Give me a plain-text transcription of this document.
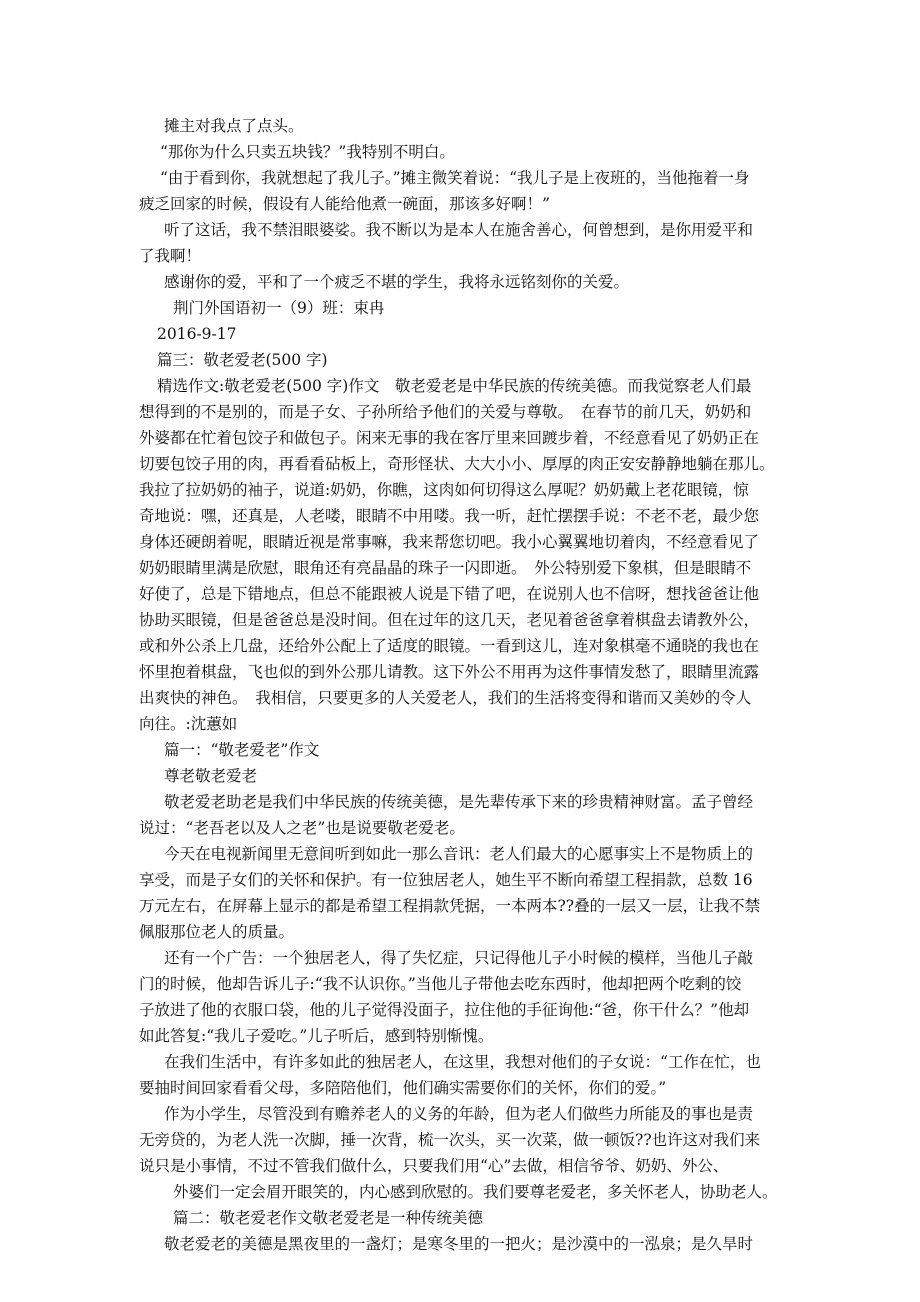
摊主对我点了点头。
“那你为什么只卖五块钱？”我特别不明白。
“由于看到你，我就想起了我儿子。”摊主微笑着说：“我儿子是上夜班的，当他拖着一身
疲乏回家的时候，假设有人能给他煮一碗面，那该多好啊！”
听了这话，我不禁泪眼婆娑。我不断以为是本人在施舍善心，何曾想到，是你用爱平和
了我啊！
感谢你的爱，平和了一个疲乏不堪的学生，我将永远铭刻你的关爱。
荆门外国语初一（9）班：束冉
2016-9-17
篇三：敬老爱老(500 字)
精选作文:敬老爱老(500 字)作文　敬老爱老是中华民族的传统美德。而我觉察老人们最
想得到的不是别的，而是子女、子孙所给予他们的关爱与尊敬。　在春节的前几天，奶奶和
外婆都在忙着包饺子和做包子。闲来无事的我在客厅里来回踱步着，不经意看见了奶奶正在
切要包饺子用的肉，再看看砧板上，奇形怪状、大大小小、厚厚的肉正安安静静地躺在那儿。
我拉了拉奶奶的袖子，说道:奶奶，你瞧，这肉如何切得这么厚呢？奶奶戴上老花眼镜，惊
奇地说：嘿，还真是，人老喽，眼睛不中用喽。我一听，赶忙摆摆手说：不老不老，最少您
身体还硬朗着呢，眼睛近视是常事嘛，我来帮您切吧。我小心翼翼地切着肉，不经意看见了
奶奶眼睛里满是欣慰，眼角还有亮晶晶的珠子一闪即逝。　外公特别爱下象棋，但是眼睛不
好使了，总是下错地点，但总不能跟被人说是下错了吧，在说别人也不信呀，想找爸爸让他
协助买眼镜，但是爸爸总是没时间。但在过年的这几天，老见着爸爸拿着棋盘去请教外公，
或和外公杀上几盘，还给外公配上了适度的眼镜。一看到这儿，连对象棋毫不通晓的我也在
怀里抱着棋盘，飞也似的到外公那儿请教。这下外公不用再为这件事情发愁了，眼睛里流露
出爽快的神色。　我相信，只要更多的人关爱老人，我们的生活将变得和谐而又美妙的令人
向往。:沈蕙如
篇一：“敬老爱老”作文
尊老敬老爱老
敬老爱老助老是我们中华民族的传统美德，是先辈传承下来的珍贵精神财富。孟子曾经
说过：“老吾老以及人之老”也是说要敬老爱老。
今天在电视新闻里无意间听到如此一那么音讯：老人们最大的心愿事实上不是物质上的
享受，而是子女们的关怀和保护。有一位独居老人，她生平不断向希望工程捐款，总数 16
万元左右，在屏幕上显示的都是希望工程捐款凭据，一本两本??叠的一层又一层，让我不禁
佩服那位老人的质量。
还有一个广告：一个独居老人，得了失忆症，只记得他儿子小时候的模样，当他儿子敲
门的时候，他却告诉儿子:“我不认识你。”当他儿子带他去吃东西时，他却把两个吃剩的饺
子放进了他的衣服口袋，他的儿子觉得没面子，拉住他的手征询他:“爸，你干什么？”他却
如此答复:“我儿子爱吃。”儿子听后，感到特别惭愧。
在我们生活中，有许多如此的独居老人，在这里，我想对他们的子女说：“工作在忙，也
要抽时间回家看看父母，多陪陪他们，他们确实需要你们的关怀，你们的爱。”
作为小学生，尽管没到有赡养老人的义务的年龄，但为老人们做些力所能及的事也是责
无旁贷的，为老人洗一次脚，捶一次背，梳一次头，买一次菜，做一顿饭??也许这对我们来
说只是小事情，不过不管我们做什么，只要我们用“心”去做，相信爷爷、奶奶、外公、
外婆们一定会眉开眼笑的，内心感到欣慰的。我们要尊老爱老，多关怀老人，协助老人。
篇二：敬老爱老作文敬老爱老是一种传统美德
敬老爱老的美德是黑夜里的一盏灯；是寒冬里的一把火；是沙漠中的一泓泉；是久旱时
